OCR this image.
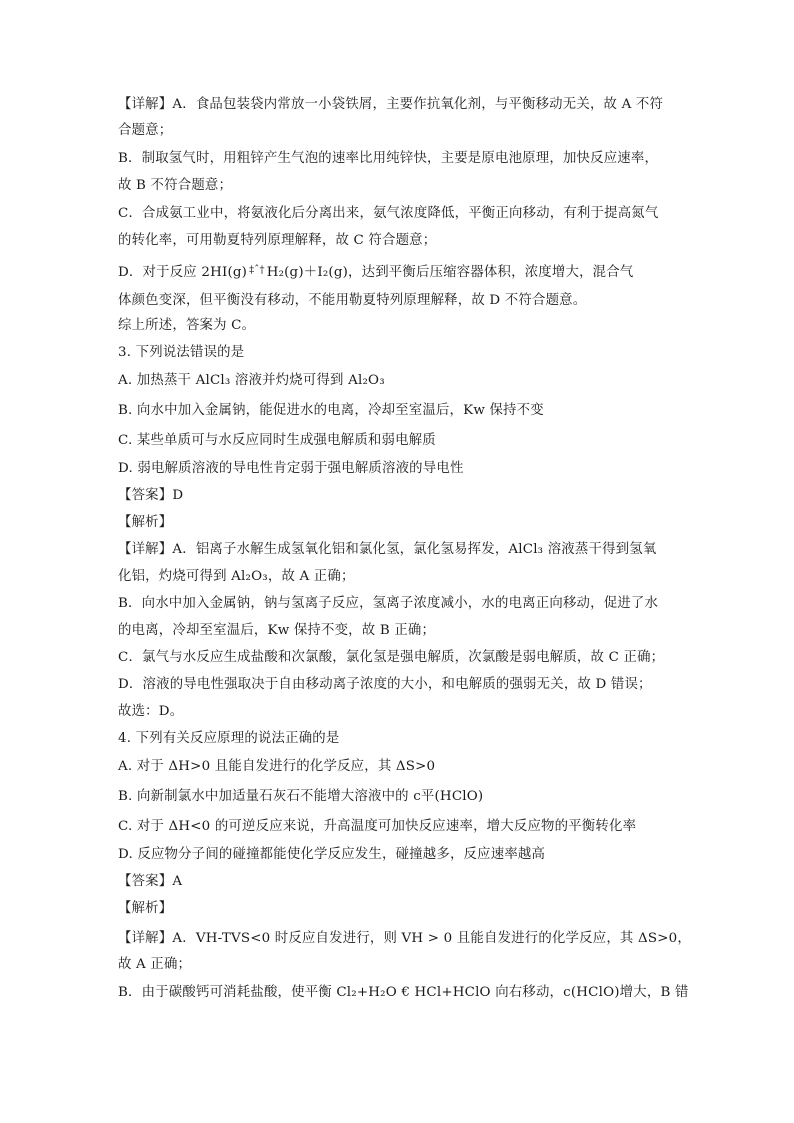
【详解】A．食品包装袋内常放一小袋铁屑，主要作抗氧化剂，与平衡移动无关，故 A 不符
合题意；
B．制取氢气时，用粗锌产生气泡的速率比用纯锌快，主要是原电池原理，加快反应速率，
故 B 不符合题意；
C．合成氨工业中，将氨液化后分离出来，氨气浓度降低，平衡正向移动，有利于提高氮气
的转化率，可用勒夏特列原理解释，故 C 符合题意；
D．对于反应 2HI(g) $^{\ddagger ˆ\dagger}$ H₂(g)＋I₂(g)，达到平衡后压缩容器体积，浓度增大，混合气
体颜色变深，但平衡没有移动，不能用勒夏特列原理解释，故 D 不符合题意。
综上所述，答案为 C。
3. 下列说法错误的是
A. 加热蒸干 AlCl₃ 溶液并灼烧可得到 Al₂O₃
B. 向水中加入金属钠，能促进水的电离，冷却至室温后，Kw 保持不变
C. 某些单质可与水反应同时生成强电解质和弱电解质
D. 弱电解质溶液的导电性肯定弱于强电解质溶液的导电性
【答案】D
【解析】
【详解】A．铝离子水解生成氢氧化铝和氯化氢，氯化氢易挥发，AlCl₃ 溶液蒸干得到氢氧
化铝，灼烧可得到 Al₂O₃，故 A 正确；
B．向水中加入金属钠，钠与氢离子反应，氢离子浓度减小，水的电离正向移动，促进了水
的电离，冷却至室温后，Kw 保持不变，故 B 正确；
C．氯气与水反应生成盐酸和次氯酸，氯化氢是强电解质，次氯酸是弱电解质，故 C 正确；
D．溶液的导电性强取决于自由移动离子浓度的大小，和电解质的强弱无关，故 D 错误；
故选：D。
4. 下列有关反应原理的说法正确的是
A. 对于 ΔH>0 且能自发进行的化学反应，其 ΔS>0
B. 向新制氯水中加适量石灰石不能增大溶液中的 c平(HClO)
C. 对于 ΔH<0 的可逆反应来说，升高温度可加快反应速率，增大反应物的平衡转化率
D. 反应物分子间的碰撞都能使化学反应发生，碰撞越多，反应速率越高
【答案】A
【解析】
【详解】A．VH-TVS<0 时反应自发进行，则 VH > 0 且能自发进行的化学反应，其 ΔS>0，
故 A 正确；
B．由于碳酸钙可消耗盐酸，使平衡 Cl₂+H₂O € HCl+HClO 向右移动，c(HClO)增大，B 错
